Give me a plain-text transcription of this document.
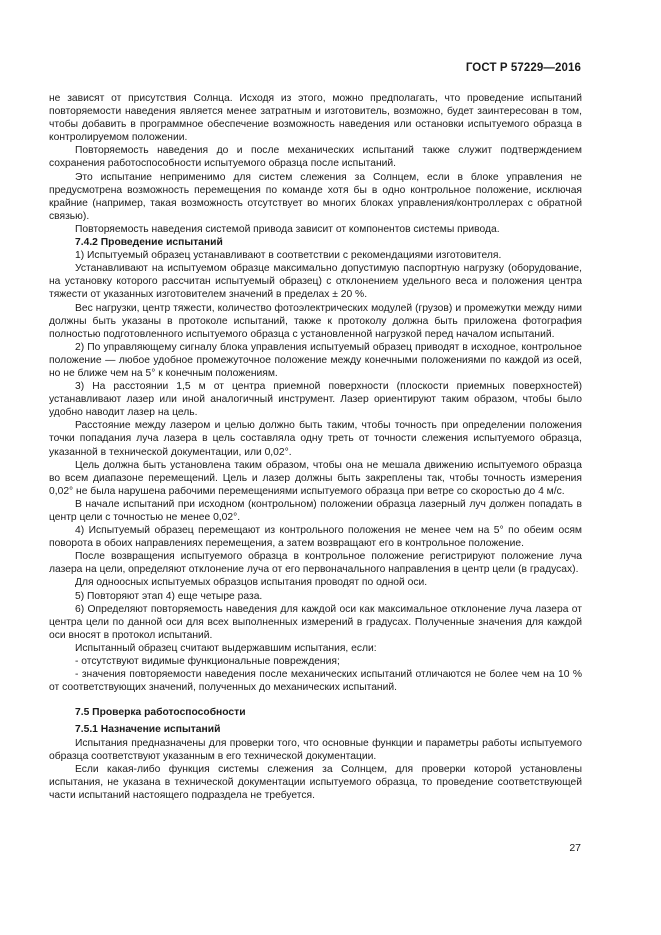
ГОСТ Р 57229—2016

не зависят от присутствия Солнца. Исходя из этого, можно предполагать, что проведение испытаний повторяемости наведения является менее затратным и изготовитель, возможно, будет заинтересован в том, чтобы добавить в программное обеспечение возможность наведения или остановки испытуемого образца в контролируемом положении.

Повторяемость наведения до и после механических испытаний также служит подтверждением сохранения работоспособности испытуемого образца после испытаний.

Это испытание неприменимо для систем слежения за Солнцем, если в блоке управления не предусмотрена возможность перемещения по команде хотя бы в одно контрольное положение, исключая крайние (например, такая возможность отсутствует во многих блоках управления/контроллерах с обратной связью).

Повторяемость наведения системой привода зависит от компонентов системы привода.

7.4.2 Проведение испытаний

1) Испытуемый образец устанавливают в соответствии с рекомендациями изготовителя.

Устанавливают на испытуемом образце максимально допустимую паспортную нагрузку (оборудование, на установку которого рассчитан испытуемый образец) с отклонением удельного веса и положения центра тяжести от указанных изготовителем значений в пределах ± 20 %.

Вес нагрузки, центр тяжести, количество фотоэлектрических модулей (грузов) и промежутки между ними должны быть указаны в протоколе испытаний, также к протоколу должна быть приложена фотография полностью подготовленного испытуемого образца с установленной нагрузкой перед началом испытаний.

2) По управляющему сигналу блока управления испытуемый образец приводят в исходное, контрольное положение — любое удобное промежуточное положение между конечными положениями по каждой из осей, но не ближе чем на 5° к конечным положениям.

3) На расстоянии 1,5 м от центра приемной поверхности (плоскости приемных поверхностей) устанавливают лазер или иной аналогичный инструмент. Лазер ориентируют таким образом, чтобы было удобно наводит лазер на цель.

Расстояние между лазером и целью должно быть таким, чтобы точность при определении положения точки попадания луча лазера в цель составляла одну треть от точности слежения испытуемого образца, указанной в технической документации, или 0,02°.

Цель должна быть установлена таким образом, чтобы она не мешала движению испытуемого образца во всем диапазоне перемещений. Цель и лазер должны быть закреплены так, чтобы точность измерения 0,02° не была нарушена рабочими перемещениями испытуемого образца при ветре со скоростью до 4 м/с.

В начале испытаний при исходном (контрольном) положении образца лазерный луч должен попадать в центр цели с точностью не менее 0,02°.

4) Испытуемый образец перемещают из контрольного положения не менее чем на 5° по обеим осям поворота в обоих направлениях перемещения, а затем возвращают его в контрольное положение.

После возвращения испытуемого образца в контрольное положение регистрируют положение луча лазера на цели, определяют отклонение луча от его первоначального направления в центр цели (в градусах).

Для одноосных испытуемых образцов испытания проводят по одной оси.

5) Повторяют этап 4) еще четыре раза.

6) Определяют повторяемость наведения для каждой оси как максимальное отклонение луча лазера от центра цели по данной оси для всех выполненных измерений в градусах. Полученные значения для каждой оси вносят в протокол испытаний.

Испытанный образец считают выдержавшим испытания, если:

- отсутствуют видимые функциональные повреждения;

- значения повторяемости наведения после механических испытаний отличаются не более чем на 10 % от соответствующих значений, полученных до механических испытаний.

7.5 Проверка работоспособности
7.5.1 Назначение испытаний

Испытания предназначены для проверки того, что основные функции и параметры работы испытуемого образца соответствуют указанным в его технической документации.

Если какая-либо функция системы слежения за Солнцем, для проверки которой установлены испытания, не указана в технической документации испытуемого образца, то проведение соответствующей части испытаний настоящего подраздела не требуется.

27
